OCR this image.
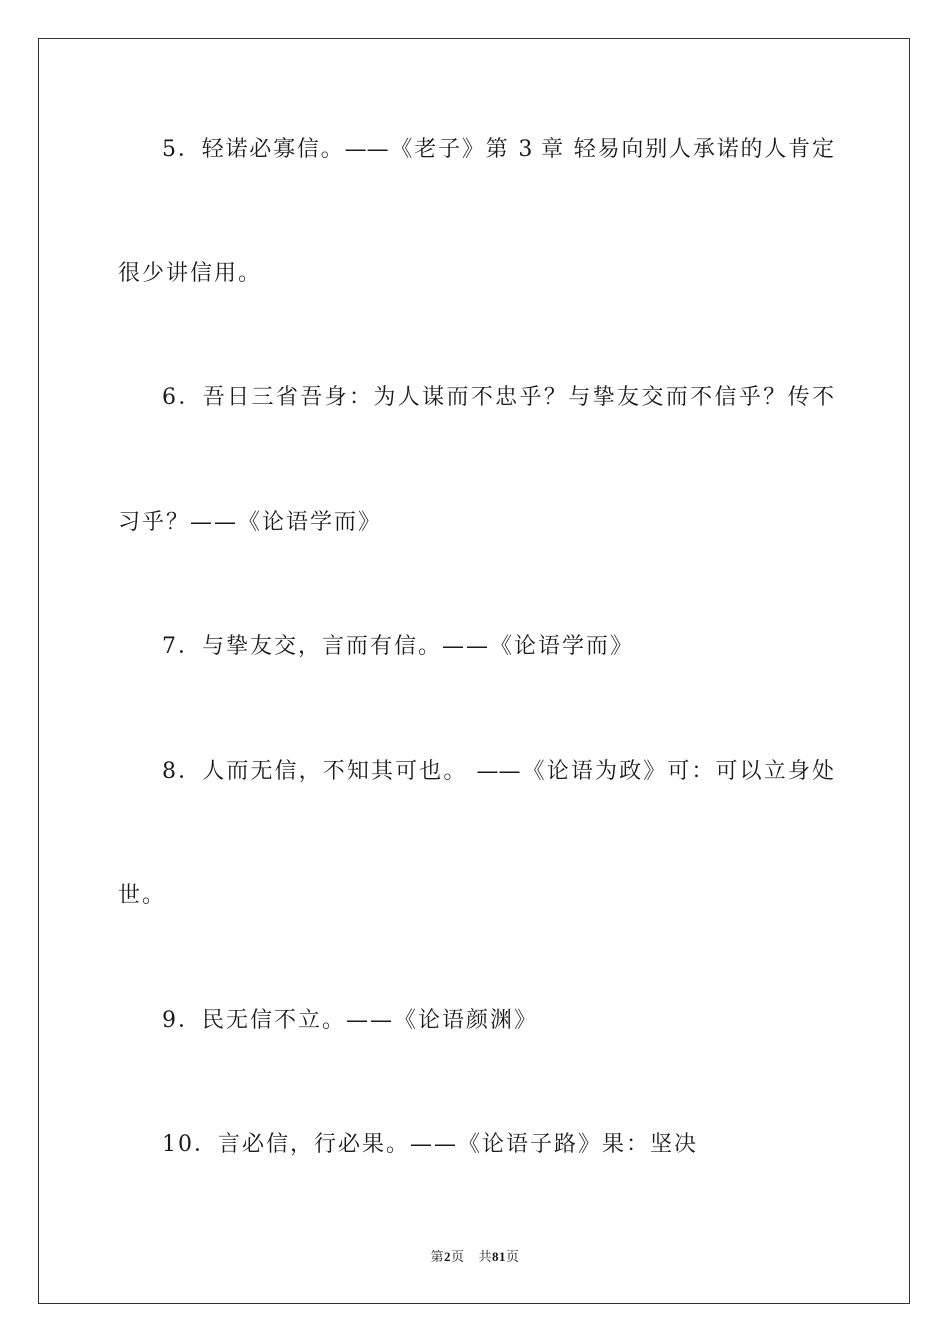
5．轻诺必寡信。——《老子》第 3 章 轻易向别人承诺的人肯定
很少讲信用。
6．吾日三省吾身：为人谋而不忠乎？与挚友交而不信乎？传不
习乎？——《论语学而》
7．与挚友交，言而有信。——《论语学而》
8．人而无信，不知其可也。 ——《论语为政》可：可以立身处
世。
9．民无信不立。——《论语颜渊》
10．言必信，行必果。——《论语子路》果：坚决
第2页 共81页
